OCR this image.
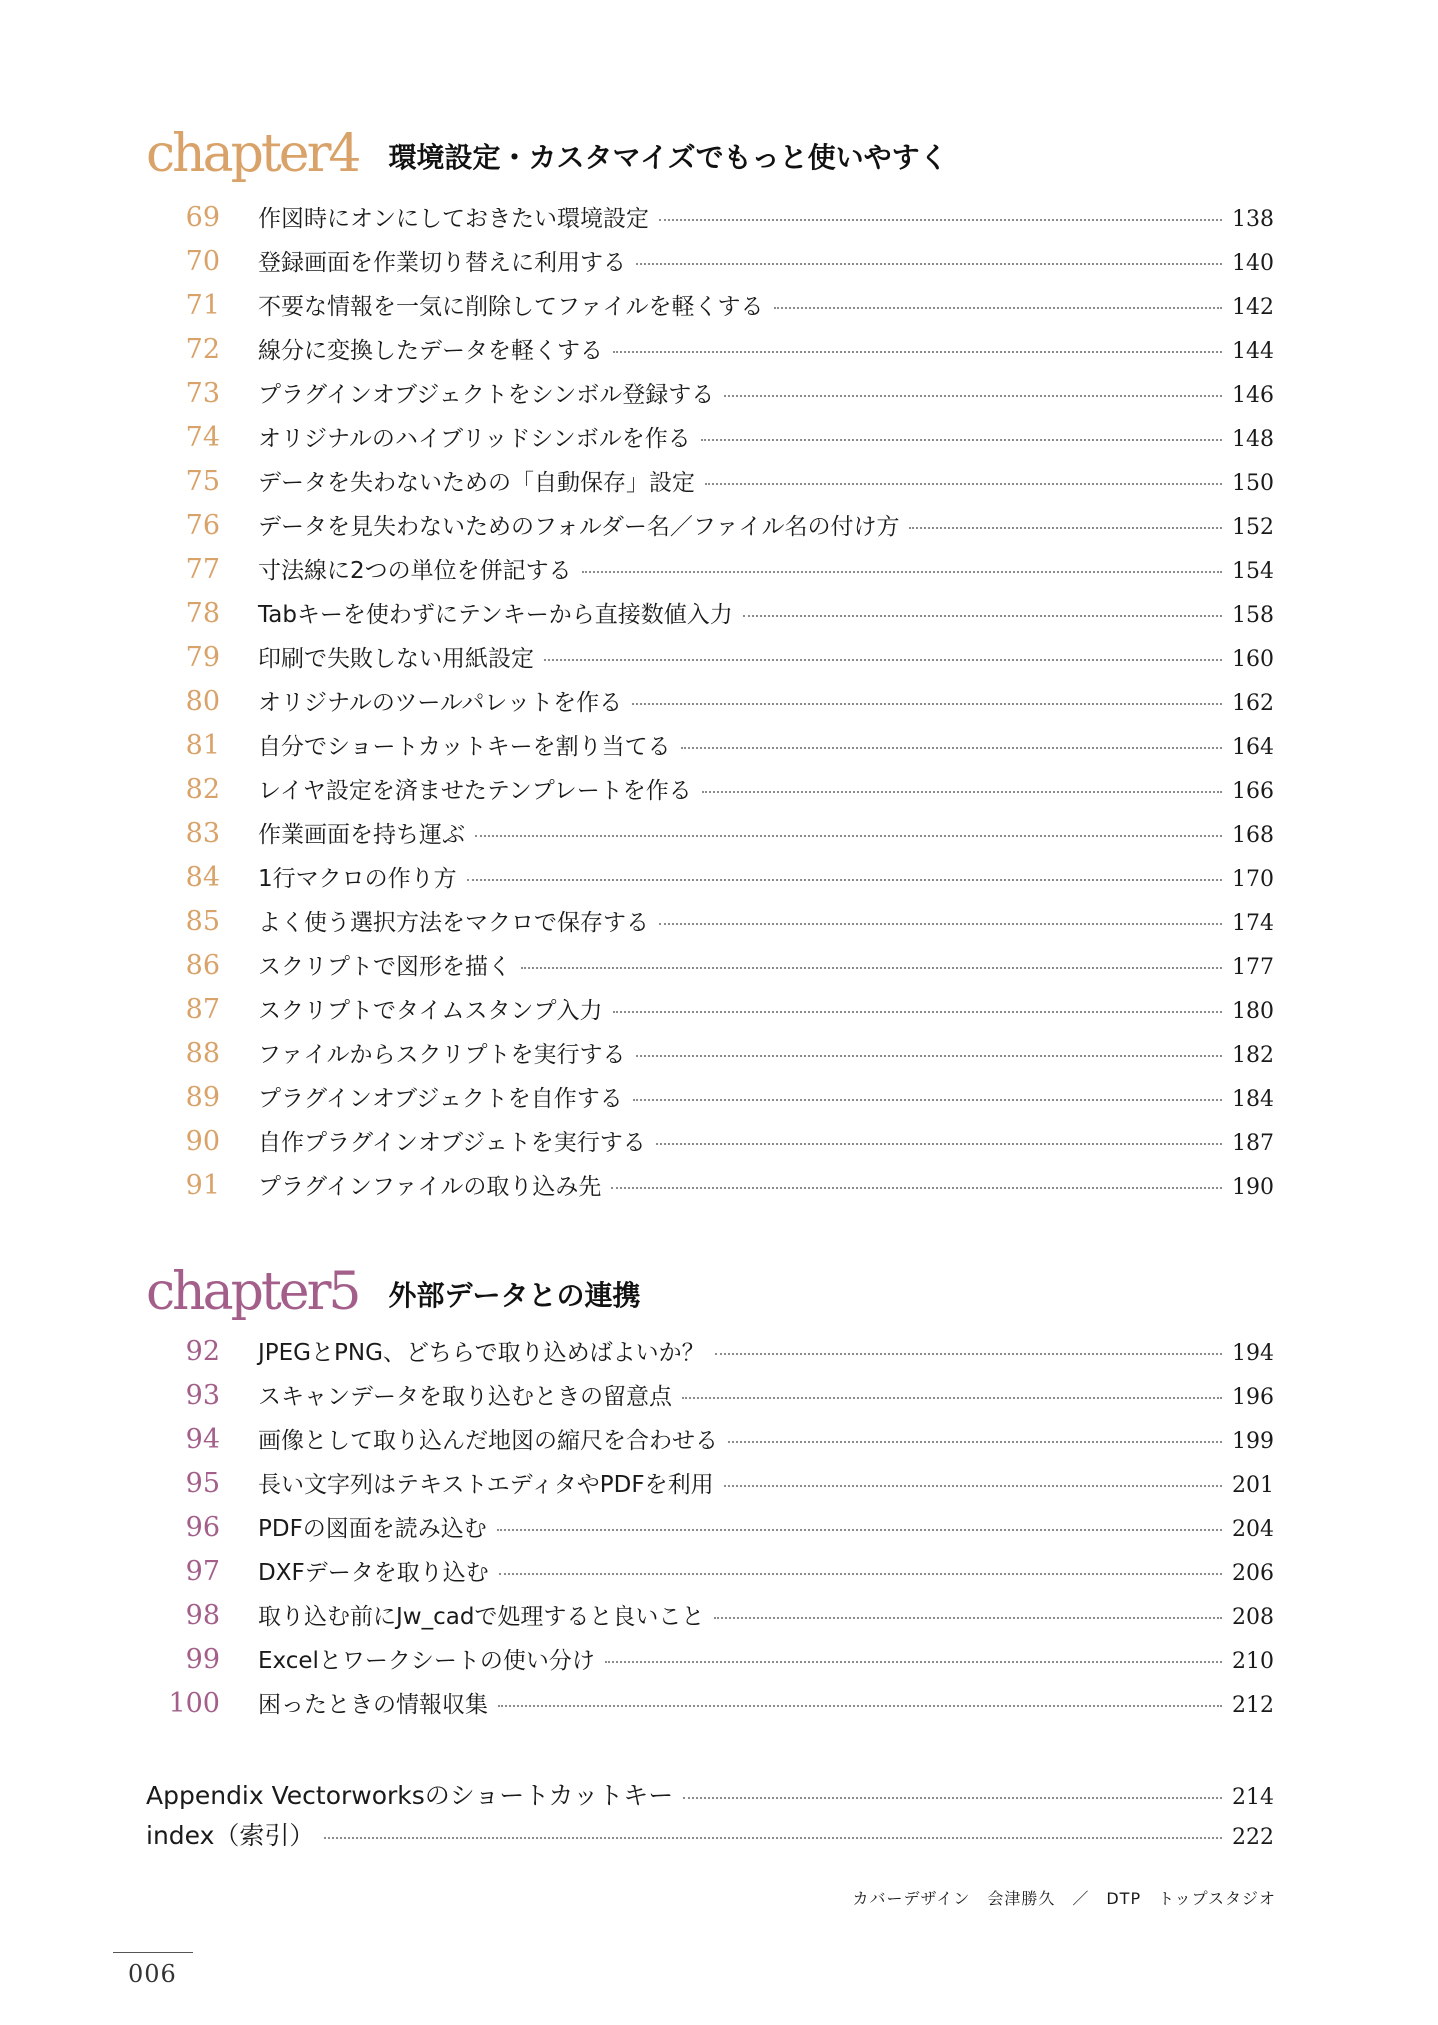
chapter4 環境設定・カスタマイズでもっと使いやすく
69	作図時にオンにしておきたい環境設定	138
70	登録画面を作業切り替えに利用する	140
71	不要な情報を一気に削除してファイルを軽くする	142
72	線分に変換したデータを軽くする	144
73	プラグインオブジェクトをシンボル登録する	146
74	オリジナルのハイブリッドシンボルを作る	148
75	データを失わないための「自動保存」設定	150
76	データを見失わないためのフォルダー名／ファイル名の付け方	152
77	寸法線に2つの単位を併記する	154
78	Tabキーを使わずにテンキーから直接数値入力	158
79	印刷で失敗しない用紙設定	160
80	オリジナルのツールパレットを作る	162
81	自分でショートカットキーを割り当てる	164
82	レイヤ設定を済ませたテンプレートを作る	166
83	作業画面を持ち運ぶ	168
84	1行マクロの作り方	170
85	よく使う選択方法をマクロで保存する	174
86	スクリプトで図形を描く	177
87	スクリプトでタイムスタンプ入力	180
88	ファイルからスクリプトを実行する	182
89	プラグインオブジェクトを自作する	184
90	自作プラグインオブジェトを実行する	187
91	プラグインファイルの取り込み先	190
chapter5 外部データとの連携
92	JPEGとPNG、どちらで取り込めばよいか？	194
93	スキャンデータを取り込むときの留意点	196
94	画像として取り込んだ地図の縮尺を合わせる	199
95	長い文字列はテキストエディタやPDFを利用	201
96	PDFの図面を読み込む	204
97	DXFデータを取り込む	206
98	取り込む前にJw_cadで処理すると良いこと	208
99	Excelとワークシートの使い分け	210
100	困ったときの情報収集	212
Appendix Vectorworksのショートカットキー	214
index（索引）	222
カバーデザイン　会津勝久　／　DTP　トップスタジオ
006
